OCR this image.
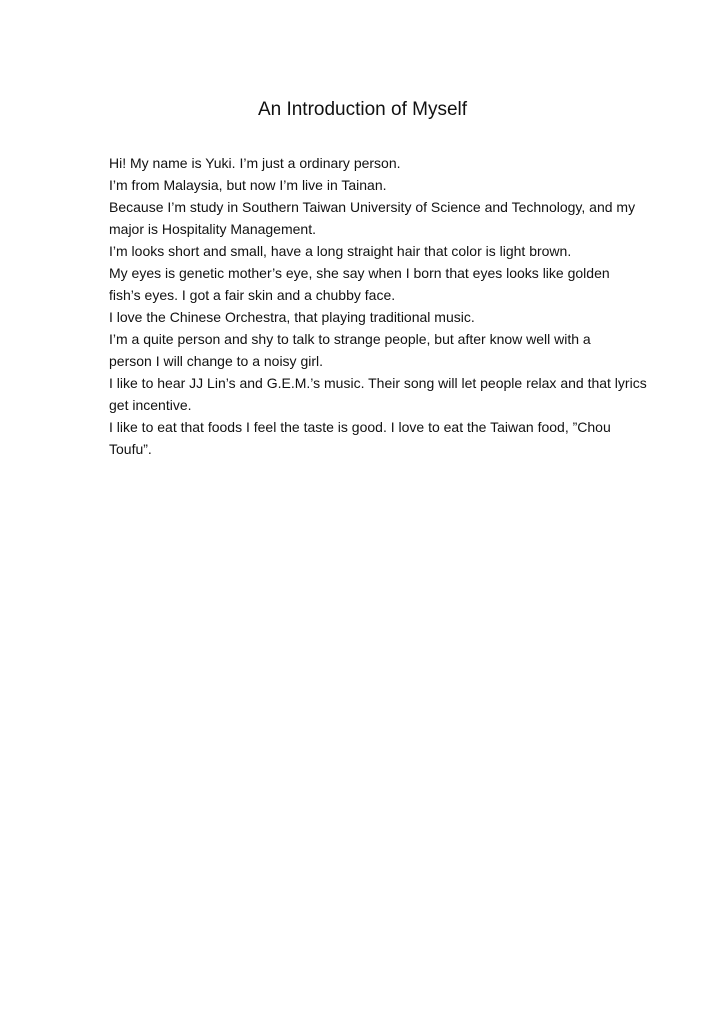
An Introduction of Myself
Hi! My name is Yuki. I’m just a ordinary person.
I’m from Malaysia, but now I’m live in Tainan.
Because I’m study in Southern Taiwan University of Science and Technology, and my
major is Hospitality Management.
I’m looks short and small, have a long straight hair that color is light brown.
My eyes is genetic mother’s eye, she say when I born that eyes looks like golden
fish’s eyes. I got a fair skin and a chubby face.
I love the Chinese Orchestra, that playing traditional music.
I’m a quite person and shy to talk to strange people, but after know well with a
person I will change to a noisy girl.
I like to hear JJ Lin’s and G.E.M.’s music. Their song will let people relax and that lyrics
get incentive.
I like to eat that foods I feel the taste is good. I love to eat the Taiwan food, ”Chou
Toufu”.
